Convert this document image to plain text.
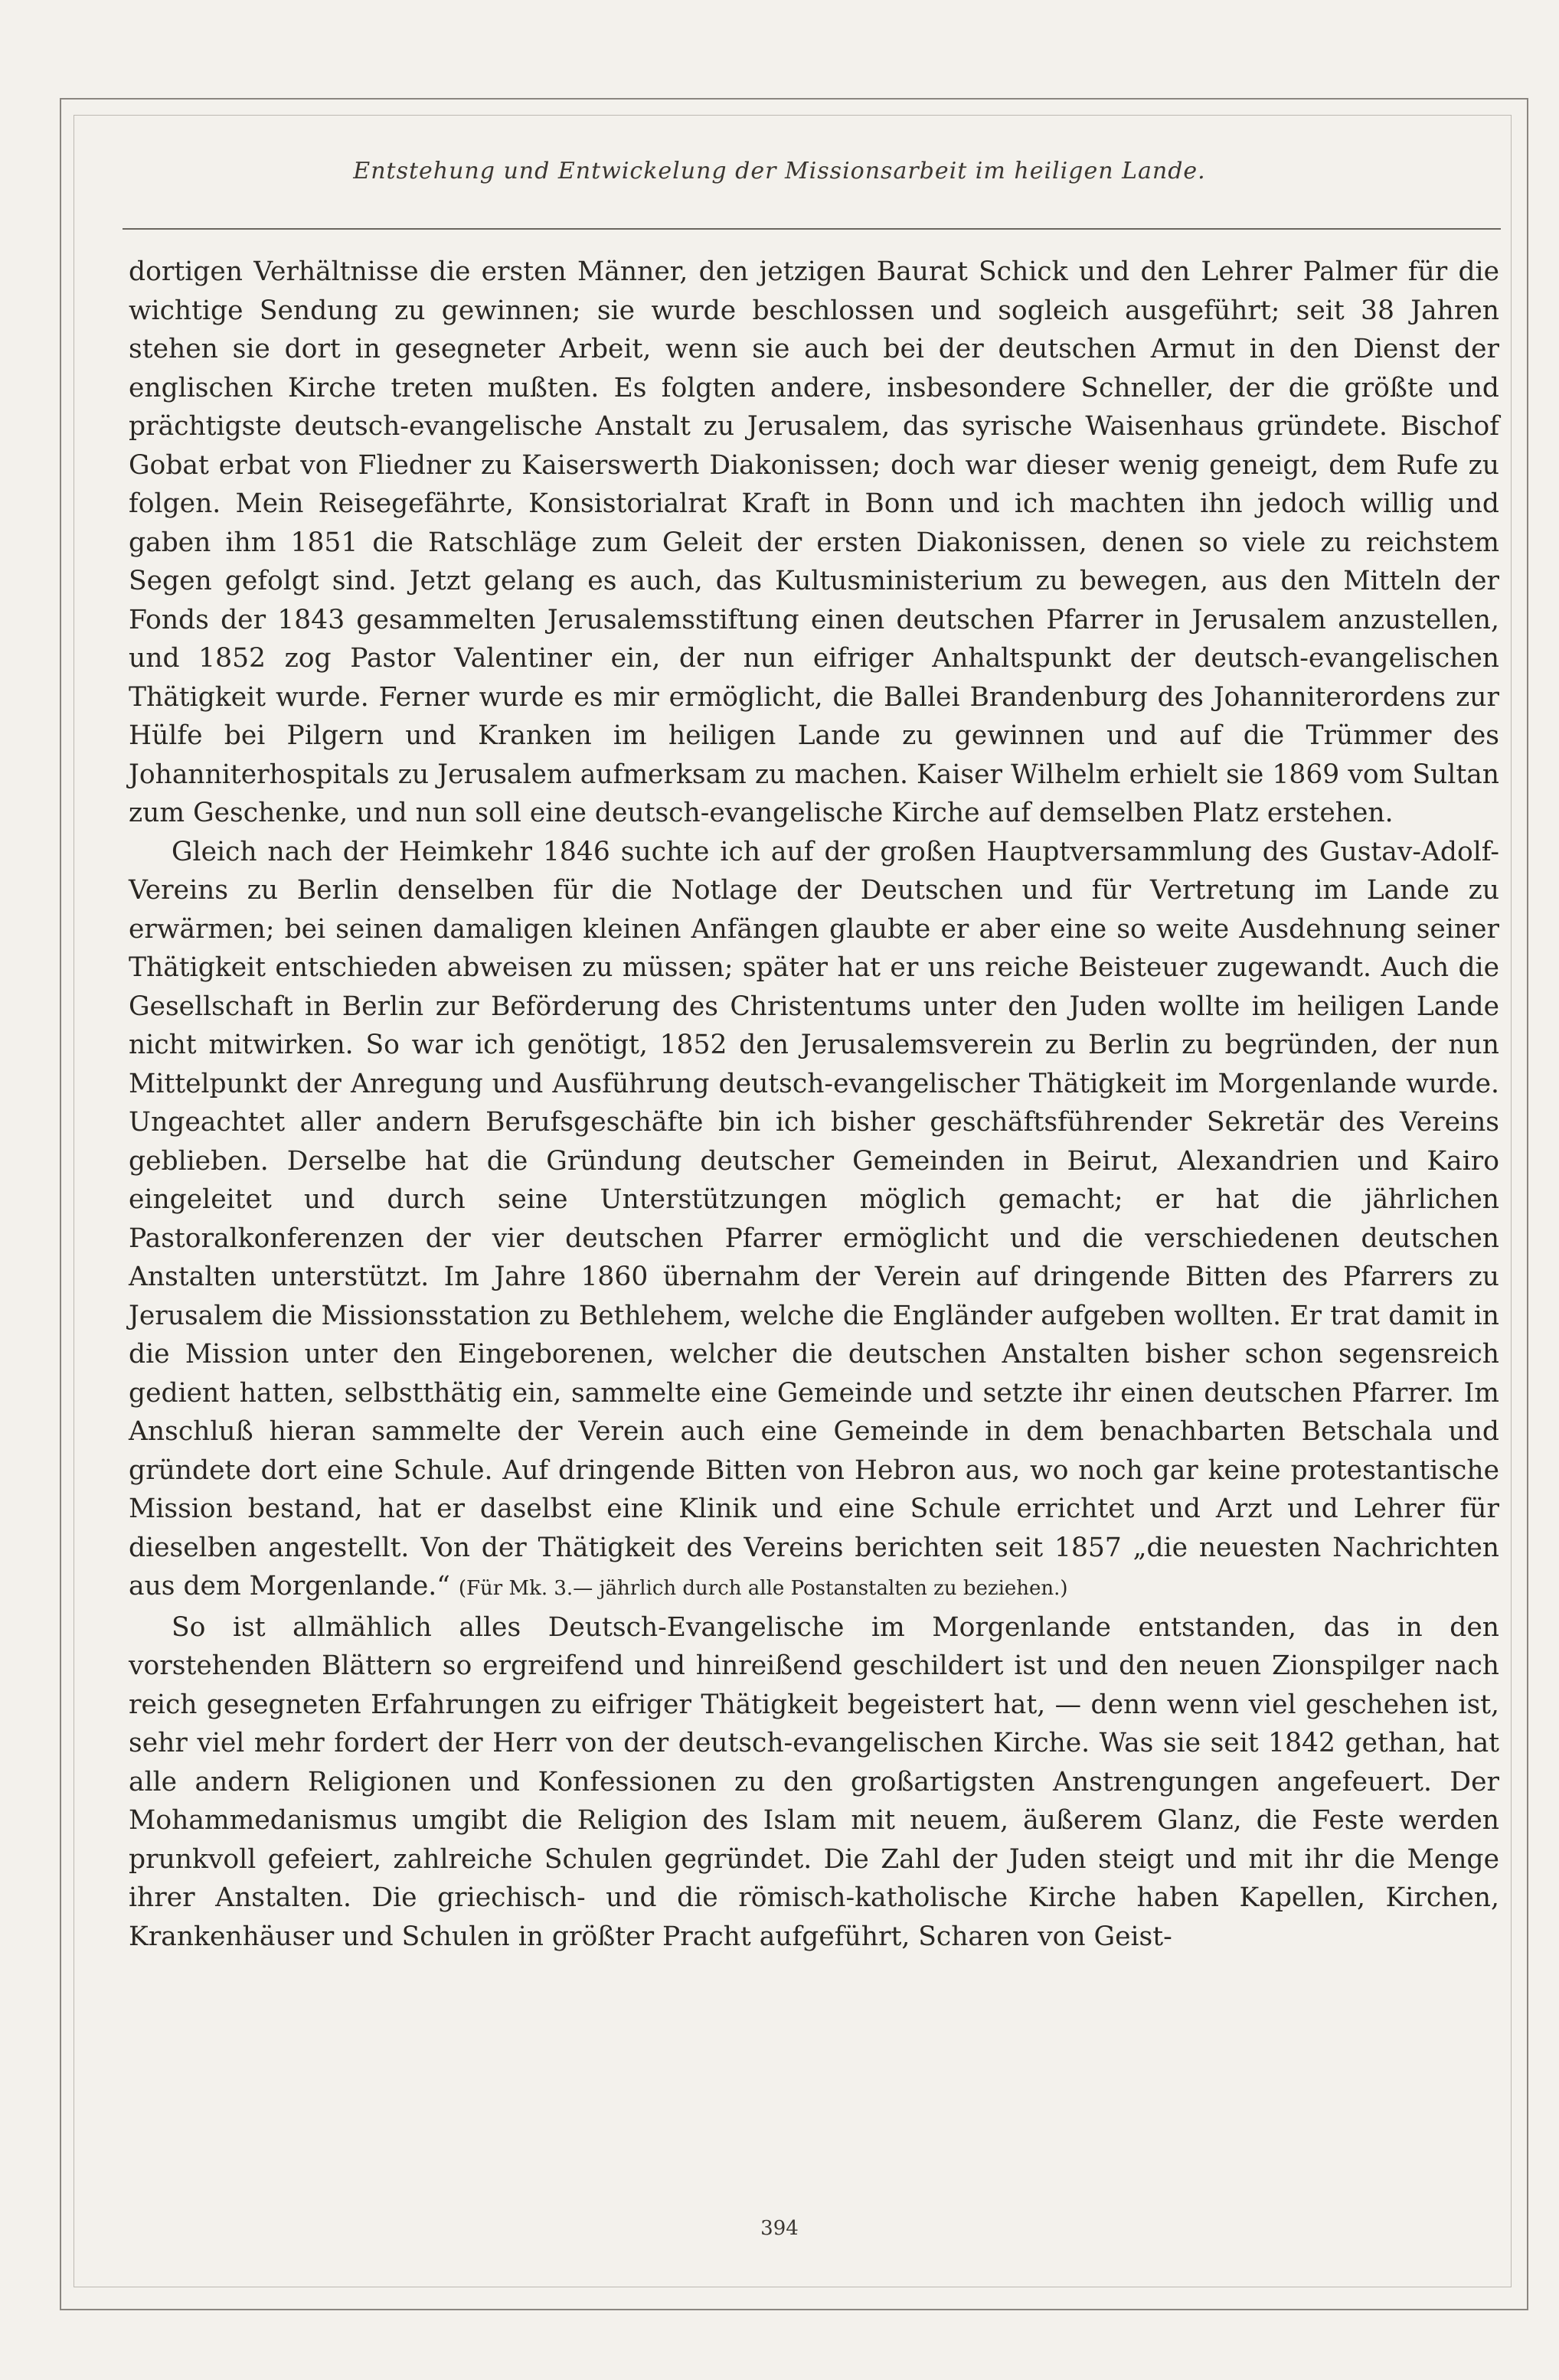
Entstehung und Entwickelung der Missionsarbeit im heiligen Lande.

dortigen Verhältnisse die ersten Männer, den jetzigen Baurat Schick und den Lehrer Palmer für die wichtige Sendung zu gewinnen; sie wurde beschlossen und sogleich ausgeführt; seit 38 Jahren stehen sie dort in gesegneter Arbeit, wenn sie auch bei der deutschen Armut in den Dienst der englischen Kirche treten mußten. Es folgten andere, insbesondere Schneller, der die größte und prächtigste deutsch-evangelische Anstalt zu Jerusalem, das syrische Waisenhaus gründete. Bischof Gobat erbat von Fliedner zu Kaiserswerth Diakonissen; doch war dieser wenig geneigt, dem Rufe zu folgen. Mein Reisegefährte, Konsistorialrat Kraft in Bonn und ich machten ihn jedoch willig und gaben ihm 1851 die Ratschläge zum Geleit der ersten Diakonissen, denen so viele zu reichstem Segen gefolgt sind. Jetzt gelang es auch, das Kultusministerium zu bewegen, aus den Mitteln der Fonds der 1843 gesammelten Jerusalemsstiftung einen deutschen Pfarrer in Jerusalem anzustellen, und 1852 zog Pastor Valentiner ein, der nun eifriger Anhaltspunkt der deutsch-evangelischen Thätigkeit wurde. Ferner wurde es mir ermöglicht, die Ballei Brandenburg des Johanniterordens zur Hülfe bei Pilgern und Kranken im heiligen Lande zu gewinnen und auf die Trümmer des Johanniterhospitals zu Jerusalem aufmerksam zu machen. Kaiser Wilhelm erhielt sie 1869 vom Sultan zum Geschenke, und nun soll eine deutsch-evangelische Kirche auf demselben Platz erstehen.

Gleich nach der Heimkehr 1846 suchte ich auf der großen Hauptversammlung des Gustav-Adolf-Vereins zu Berlin denselben für die Notlage der Deutschen und für Vertretung im Lande zu erwärmen; bei seinen damaligen kleinen Anfängen glaubte er aber eine so weite Ausdehnung seiner Thätigkeit entschieden abweisen zu müssen; später hat er uns reiche Beisteuer zugewandt. Auch die Gesellschaft in Berlin zur Beförderung des Christentums unter den Juden wollte im heiligen Lande nicht mitwirken. So war ich genötigt, 1852 den Jerusalemsverein zu Berlin zu begründen, der nun Mittelpunkt der Anregung und Ausführung deutsch-evangelischer Thätigkeit im Morgenlande wurde. Ungeachtet aller andern Berufsgeschäfte bin ich bisher geschäftsführender Sekretär des Vereins geblieben. Derselbe hat die Gründung deutscher Gemeinden in Beirut, Alexandrien und Kairo eingeleitet und durch seine Unterstützungen möglich gemacht; er hat die jährlichen Pastoralkonferenzen der vier deutschen Pfarrer ermöglicht und die verschiedenen deutschen Anstalten unterstützt. Im Jahre 1860 übernahm der Verein auf dringende Bitten des Pfarrers zu Jerusalem die Missionsstation zu Bethlehem, welche die Engländer aufgeben wollten. Er trat damit in die Mission unter den Eingeborenen, welcher die deutschen Anstalten bisher schon segensreich gedient hatten, selbstthätig ein, sammelte eine Gemeinde und setzte ihr einen deutschen Pfarrer. Im Anschluß hieran sammelte der Verein auch eine Gemeinde in dem benachbarten Betschala und gründete dort eine Schule. Auf dringende Bitten von Hebron aus, wo noch gar keine protestantische Mission bestand, hat er daselbst eine Klinik und eine Schule errichtet und Arzt und Lehrer für dieselben angestellt. Von der Thätigkeit des Vereins berichten seit 1857 „die neuesten Nachrichten aus dem Morgenlande.“ (Für Mk. 3.— jährlich durch alle Postanstalten zu beziehen.)

So ist allmählich alles Deutsch-Evangelische im Morgenlande entstanden, das in den vorstehenden Blättern so ergreifend und hinreißend geschildert ist und den neuen Zionspilger nach reich gesegneten Erfahrungen zu eifriger Thätigkeit begeistert hat, — denn wenn viel geschehen ist, sehr viel mehr fordert der Herr von der deutsch-evangelischen Kirche. Was sie seit 1842 gethan, hat alle andern Religionen und Konfessionen zu den großartigsten Anstrengungen angefeuert. Der Mohammedanismus umgibt die Religion des Islam mit neuem, äußerem Glanz, die Feste werden prunkvoll gefeiert, zahlreiche Schulen gegründet. Die Zahl der Juden steigt und mit ihr die Menge ihrer Anstalten. Die griechisch- und die römisch-katholische Kirche haben Kapellen, Kirchen, Krankenhäuser und Schulen in größter Pracht aufgeführt, Scharen von Geist-

394
